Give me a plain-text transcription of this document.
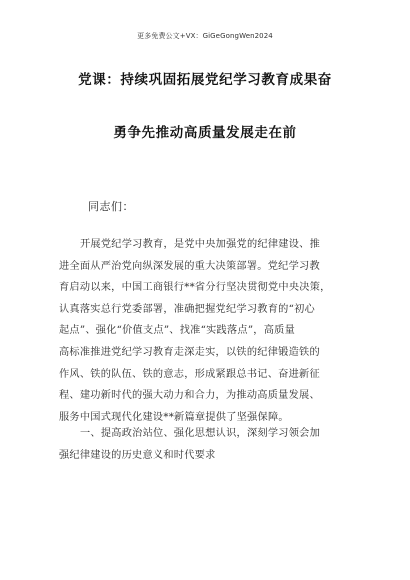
更多免费公文+VX：GiGeGongWen2024
党课：持续巩固拓展党纪学习教育成果奋
勇争先推动高质量发展走在前
同志们：
开展党纪学习教育，是党中央加强党的纪律建设、推
进全面从严治党向纵深发展的重大决策部署。党纪学习教
育启动以来，中国工商银行**省分行坚决贯彻党中央决策，
认真落实总行党委部署，准确把握党纪学习教育的“初心
起点”、强化“价值支点”、找准“实践落点”，高质量
高标准推进党纪学习教育走深走实，以铁的纪律锻造铁的
作风、铁的队伍、铁的意志，形成紧跟总书记、奋进新征
程、建功新时代的强大动力和合力，为推动高质量发展、
服务中国式现代化建设**新篇章提供了坚强保障。
一、提高政治站位、强化思想认识，深刻学习领会加
强纪律建设的历史意义和时代要求
